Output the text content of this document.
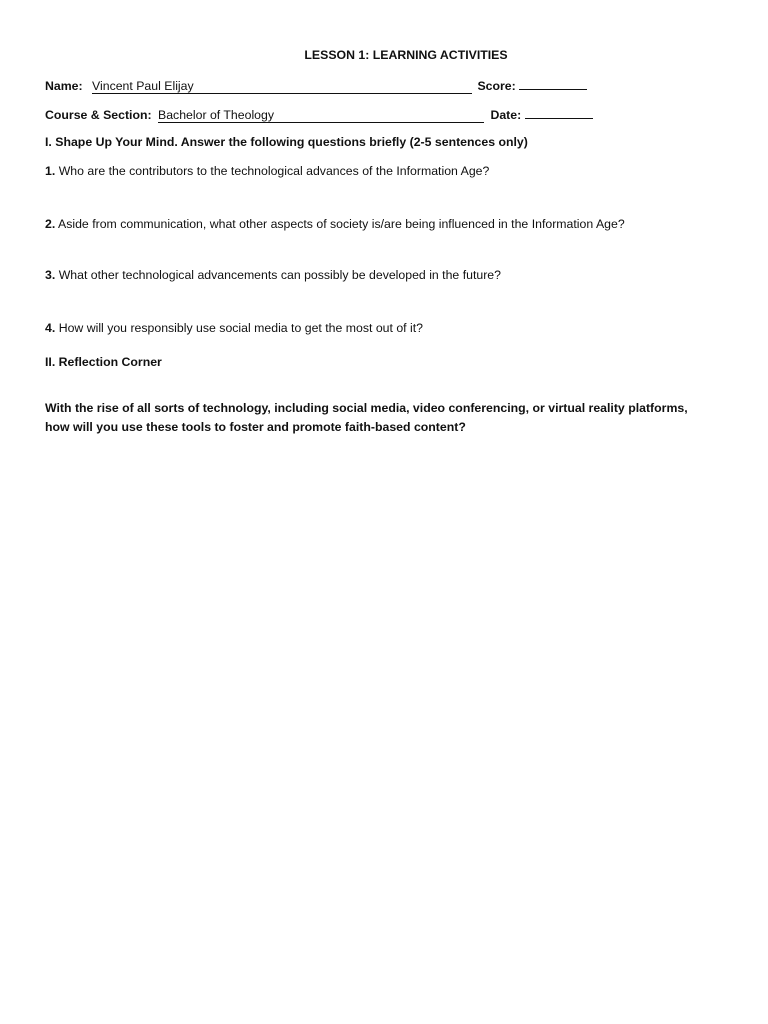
LESSON 1: LEARNING ACTIVITIES
Name: Vincent Paul Elijay	Score:
Course & Section: Bachelor of Theology	Date:
I. Shape Up Your Mind. Answer the following questions briefly (2-5 sentences only)
1. Who are the contributors to the technological advances of the Information Age?
2. Aside from communication, what other aspects of society is/are being influenced in the Information Age?
3. What other technological advancements can possibly be developed in the future?
4. How will you responsibly use social media to get the most out of it?
II. Reflection Corner
With the rise of all sorts of technology, including social media, video conferencing, or virtual reality platforms, how will you use these tools to foster and promote faith-based content?
